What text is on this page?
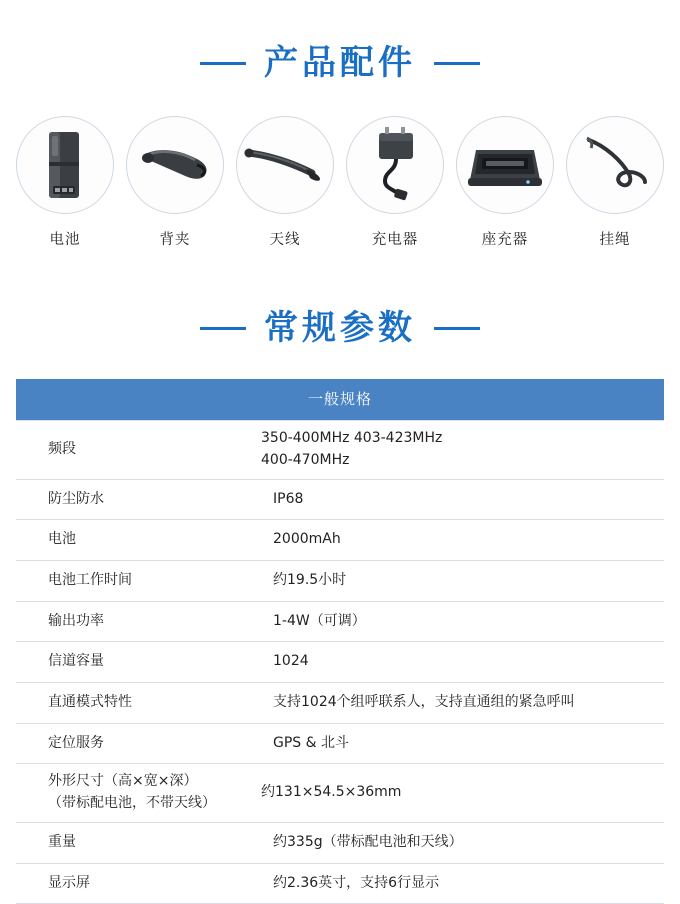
产品配件
电池	背夹	天线	充电器	座充器	挂绳
常规参数
一般规格	
频段	350-400MHz 403-423MHz
400-470MHz

防尘防水	IP68
电池	2000mAh
电池工作时间	约19.5小时
输出功率	1-4W（可调）
信道容量	1024
直通模式特性	支持1024个组呼联系人，支持直通组的紧急呼叫
定位服务	GPS & 北斗

外形尺寸（高×宽×深）
（带标配电池，不带天线）	约131×54.5×36mm
重量	约335g（带标配电池和天线）
显示屏	约2.36英寸，支持6行显示
